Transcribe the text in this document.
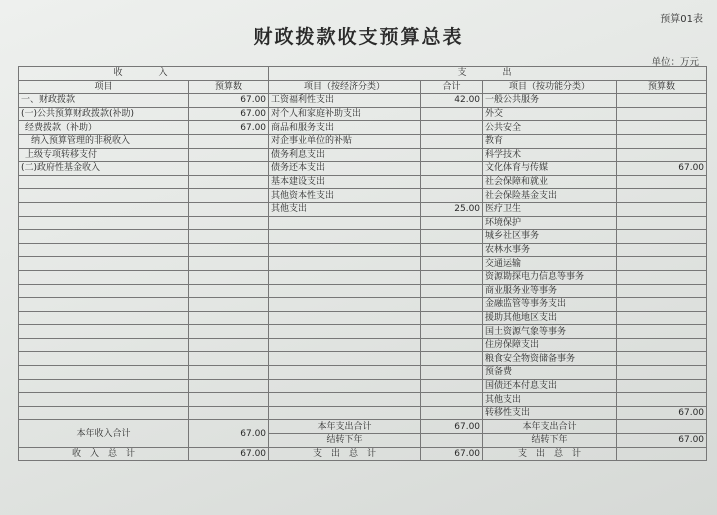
预算01表
财政拨款收支预算总表
单位：万元
收　　入		支　　出			
项目	预算数	项目（按经济分类）	合计	项目（按功能分类）	预算数
一、财政拨款	67.00	工资福利性支出	42.00	一般公共服务	
(一)公共预算财政拨款(补助)	67.00	对个人和家庭补助支出		外交	
经费拨款（补助）	67.00	商品和服务支出		公共安全	
纳入预算管理的非税收入		对企事业单位的补贴		教育	
上级专项转移支付		债务利息支出		科学技术	
(二)政府性基金收入		债务还本支出		文化体育与传媒	67.00
		基本建设支出		社会保障和就业	
		其他资本性支出		社会保险基金支出	
		其他支出	25.00	医疗卫生	
				环境保护	
				城乡社区事务	
				农林水事务	
				交通运输	
				资源勘探电力信息等事务	
				商业服务业等事务	
				金融监管等事务支出	
				援助其他地区支出	
				国土资源气象等事务	
				住房保障支出	
				粮食安全物资储备事务	
				预备费	
				国债还本付息支出	
				其他支出	
				转移性支出	67.00
本年收入合计	67.00	本年支出合计	67.00	本年支出合计	
		结转下年		结转下年	67.00
收　入　总　计	67.00	支　出　总　计	67.00	支　出　总　计	
